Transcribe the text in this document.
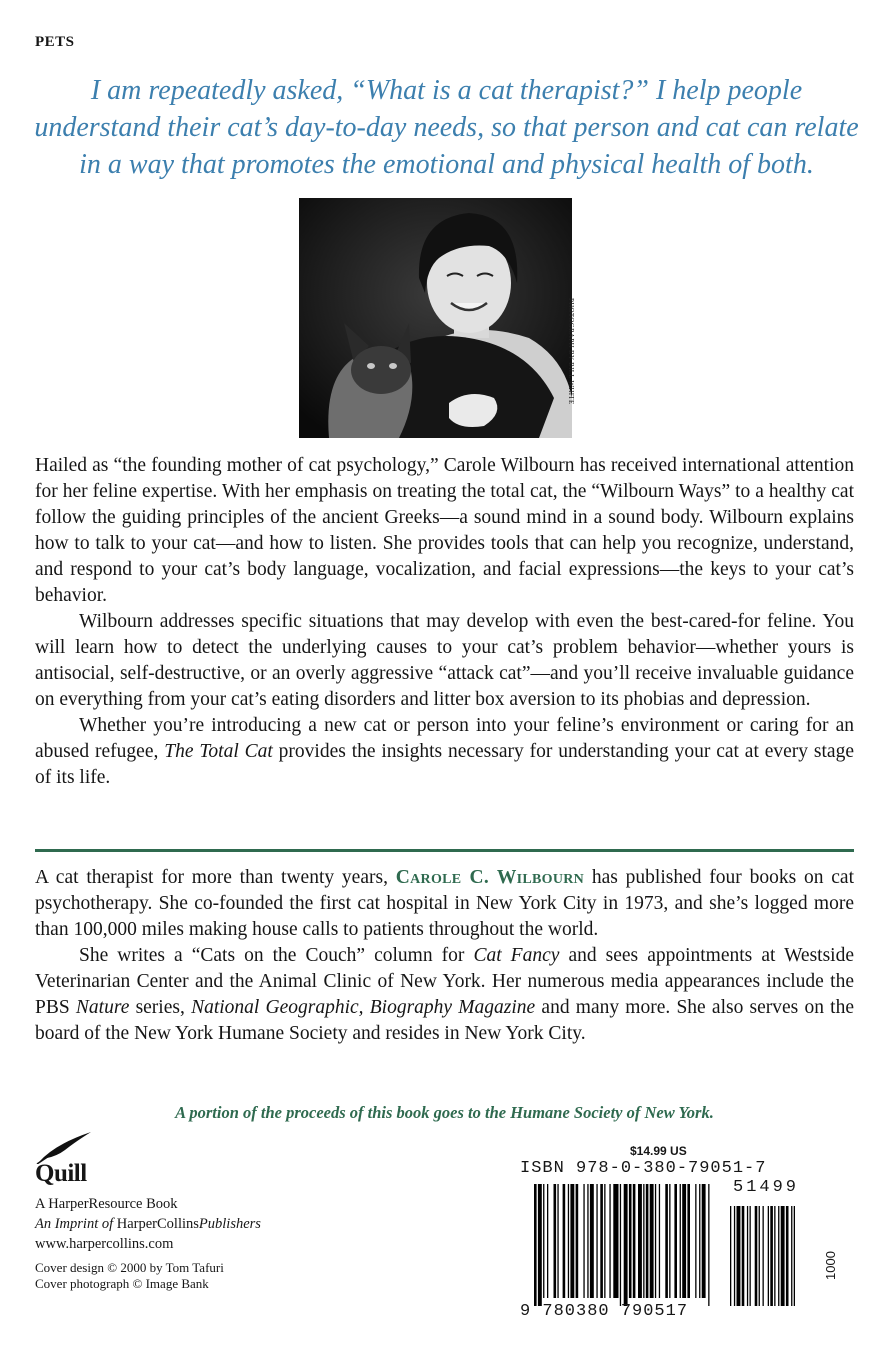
PETS
I am repeatedly asked, “What is a cat therapist?” I help people understand their cat’s day-to-day needs, so that person and cat can relate in a way that promotes the emotional and physical health of both.
PHOTOGRAPH BY BILL WHITE

Hailed as “the founding mother of cat psychology,” Carole Wilbourn has received international attention for her feline expertise. With her emphasis on treating the total cat, the “Wilbourn Ways” to a healthy cat follow the guiding principles of the ancient Greeks—a sound mind in a sound body. Wilbourn explains how to talk to your cat—and how to listen. She provides tools that can help you recognize, understand, and respond to your cat’s body language, vocalization, and facial expressions—the keys to your cat’s behavior.

Wilbourn addresses specific situations that may develop with even the best-cared-for feline. You will learn how to detect the underlying causes to your cat’s problem behavior—whether yours is antisocial, self-destructive, or an overly aggressive “attack cat”—and you’ll receive invaluable guidance on everything from your cat’s eating disorders and litter box aversion to its phobias and depression.

Whether you’re introducing a new cat or person into your feline’s environment or caring for an abused refugee, The Total Cat provides the insights necessary for understanding your cat at every stage of its life.

A cat therapist for more than twenty years, Carole C. Wilbourn has published four books on cat psychotherapy. She co-founded the first cat hospital in New York City in 1973, and she’s logged more than 100,000 miles making house calls to patients throughout the world.

She writes a “Cats on the Couch” column for Cat Fancy and sees appointments at Westside Veterinarian Center and the Animal Clinic of New York. Her numerous media appearances include the PBS Nature series, National Geographic, Biography Magazine and many more. She also serves on the board of the New York Humane Society and resides in New York City.

A portion of the proceeds of this book goes to the Humane Society of New York.
Quill
A HarperResource Book
An Imprint of HarperCollinsPublishers
www.harpercollins.com
Cover design © 2000 by Tom Tafuri
Cover photograph © Image Bank
$14.99 US
ISBN 978-0-380-79051-7
51499
9 780380 790517
1000
